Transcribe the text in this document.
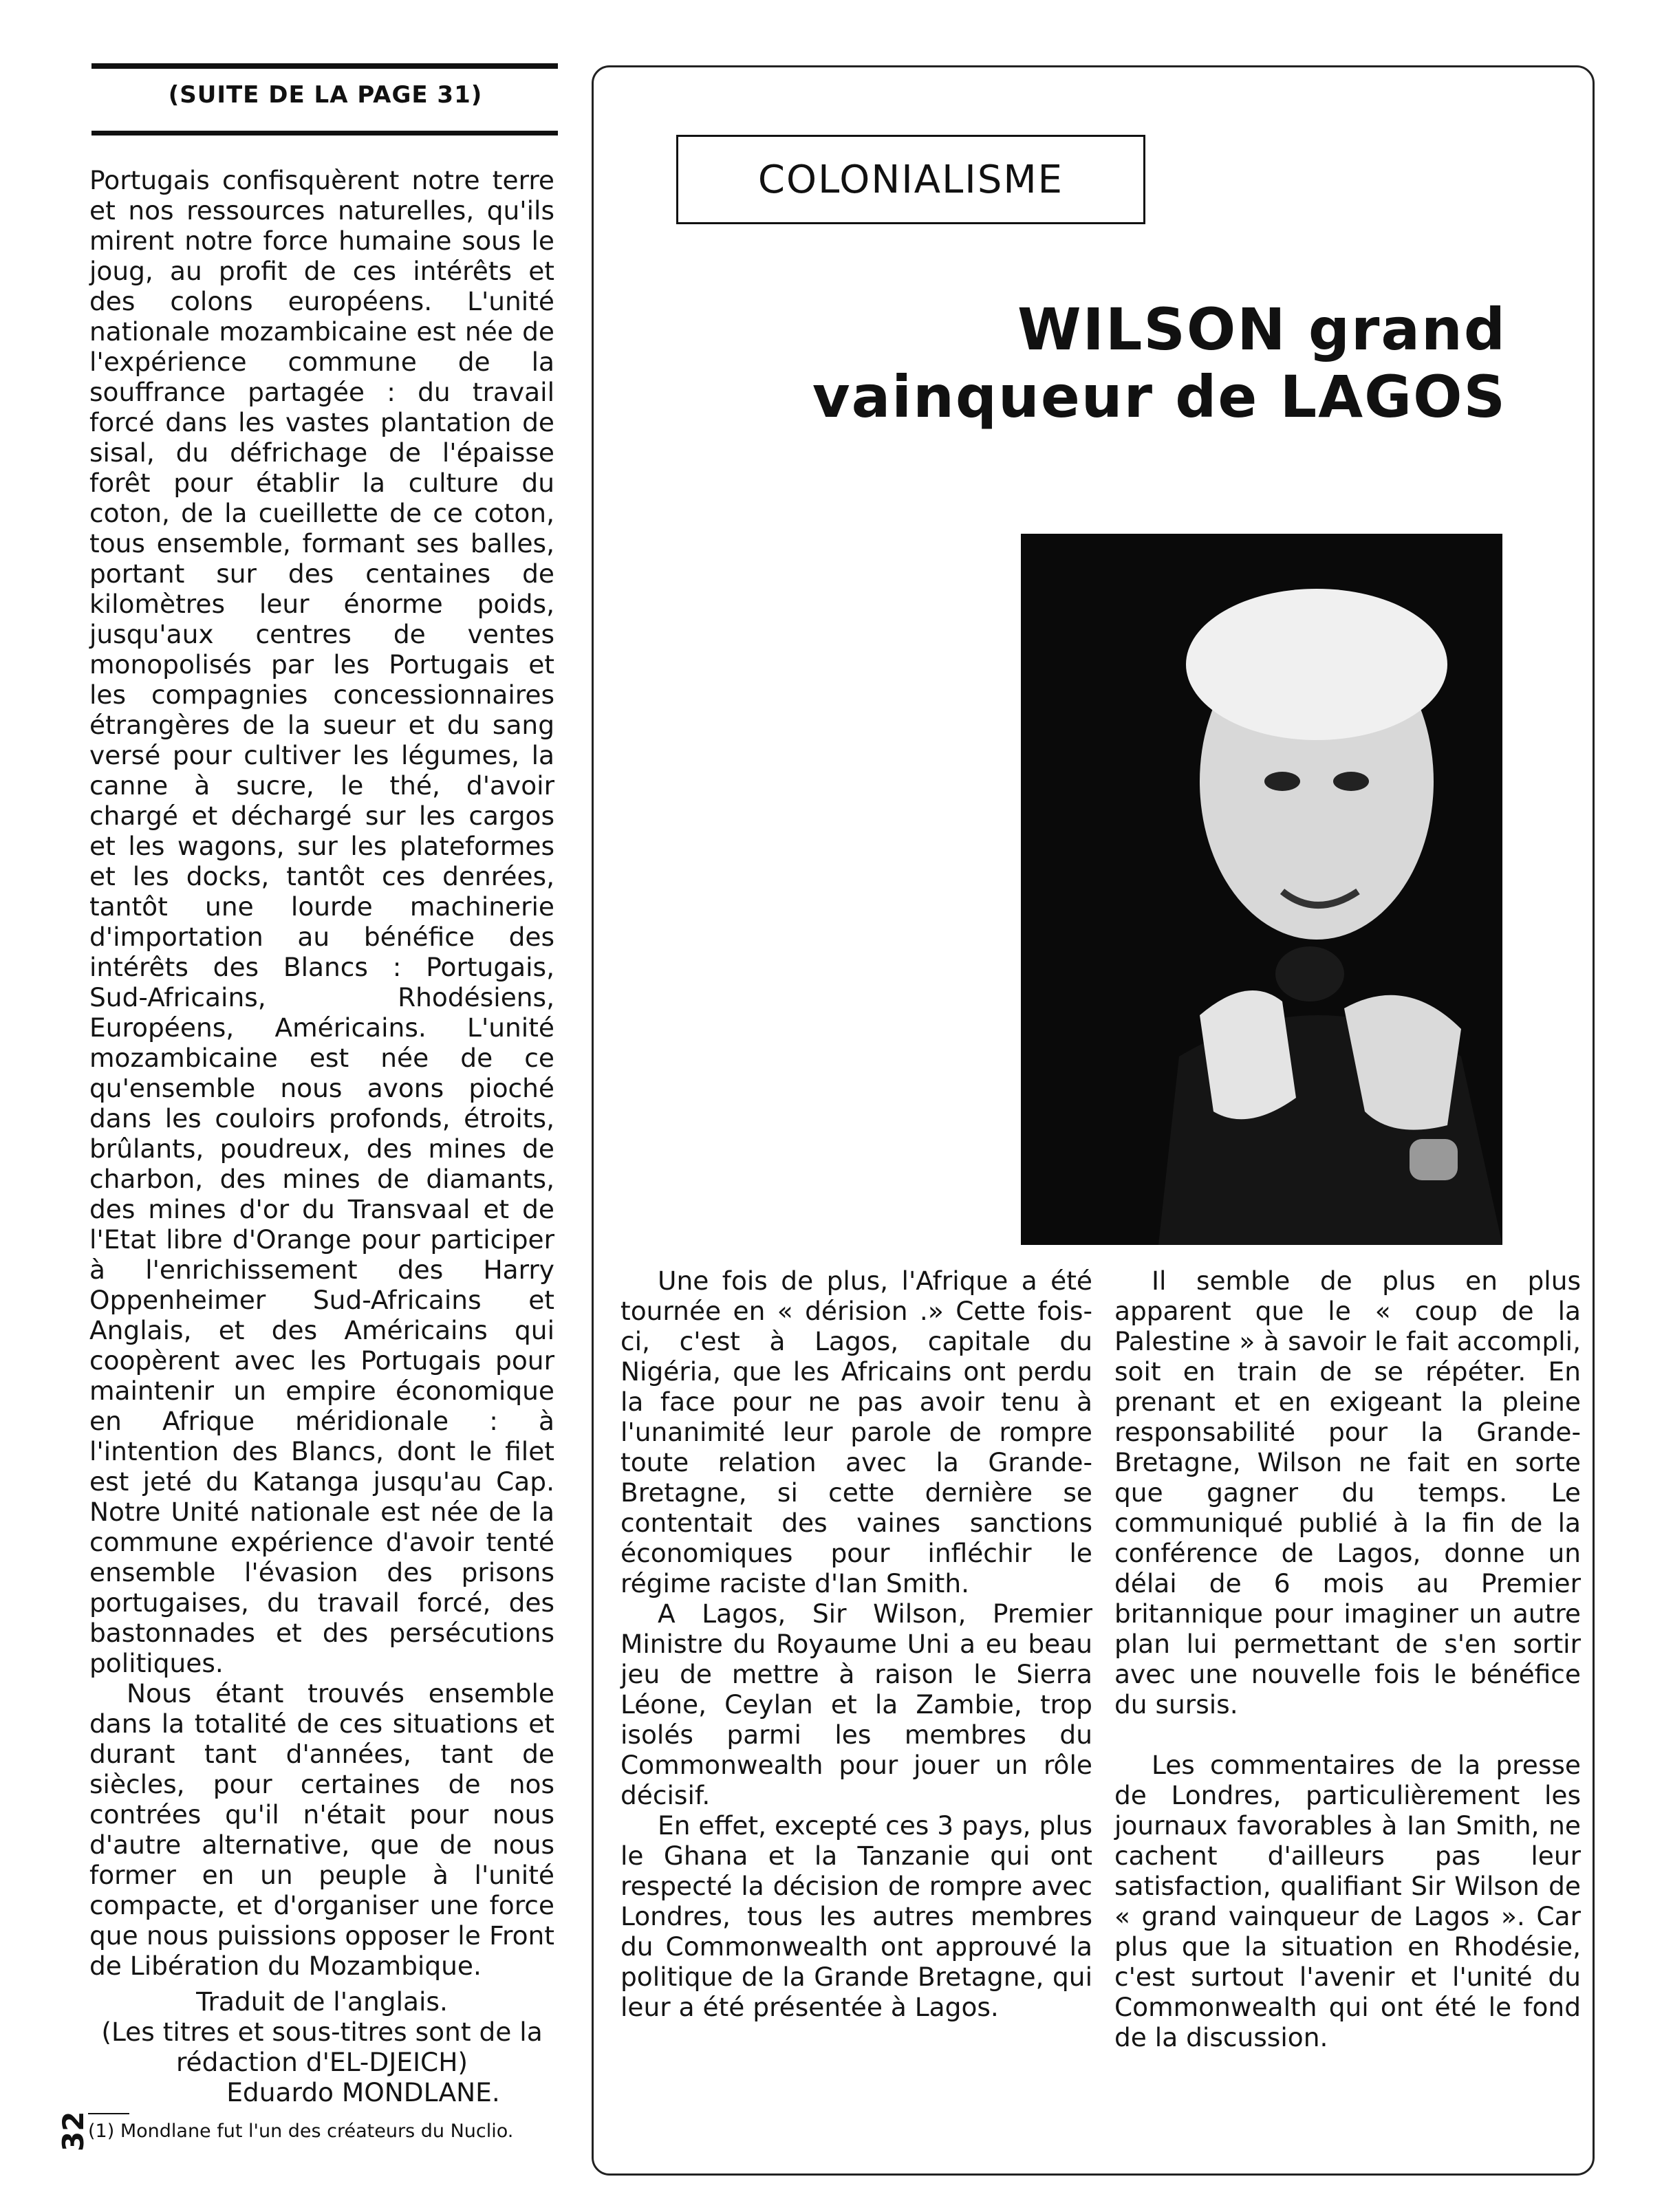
(SUITE DE LA PAGE 31)

Portugais confisquèrent notre terre et nos ressources naturelles, qu'ils mirent notre force humaine sous le joug, au profit de ces intérêts et des colons européens. L'unité nationale mozambicaine est née de l'expérience commune de la souffrance partagée : du travail forcé dans les vastes plantation de sisal, du défrichage de l'épaisse forêt pour établir la culture du coton, de la cueillette de ce coton, tous ensemble, formant ses balles, portant sur des centaines de kilomètres leur énorme poids, jusqu'aux centres de ventes monopolisés par les Portugais et les compagnies concessionnaires étrangères de la sueur et du sang versé pour cultiver les légumes, la canne à sucre, le thé, d'avoir chargé et déchargé sur les cargos et les wagons, sur les plateformes et les docks, tantôt ces denrées, tantôt une lourde machinerie d'importation au bénéfice des intérêts des Blancs : Portugais, Sud-Africains, Rhodésiens, Européens, Américains. L'unité mozambicaine est née de ce qu'ensemble nous avons pioché dans les couloirs profonds, étroits, brûlants, poudreux, des mines de charbon, des mines de diamants, des mines d'or du Transvaal et de l'Etat libre d'Orange pour participer à l'enrichissement des Harry Oppenheimer Sud-Africains et Anglais, et des Américains qui coopèrent avec les Portugais pour maintenir un empire économique en Afrique méridionale : à l'intention des Blancs, dont le filet est jeté du Katanga jusqu'au Cap. Notre Unité nationale est née de la commune expérience d'avoir tenté ensemble l'évasion des prisons portugaises, du travail forcé, des bastonnades et des persécutions politiques.

Nous étant trouvés ensemble dans la totalité de ces situations et durant tant d'années, tant de siècles, pour certaines de nos contrées qu'il n'était pour nous d'autre alternative, que de nous former en un peuple à l'unité compacte, et d'organiser une force que nous puissions opposer le Front de Libération du Mozambique.

Traduit de l'anglais.

(Les titres et sous-titres sont de la rédaction d'EL-DJEICH)

Eduardo MONDLANE.

(1) Mondlane fut l'un des créateurs du Nuclio.
32
COLONIALISME
WILSON grand
vainqueur de LAGOS

Une fois de plus, l'Afrique a été tournée en « dérision .» Cette fois-ci, c'est à Lagos, capitale du Nigéria, que les Africains ont perdu la face pour ne pas avoir tenu à l'unanimité leur parole de rompre toute relation avec la Grande-Bretagne, si cette dernière se contentait des vaines sanctions économiques pour infléchir le régime raciste d'Ian Smith.

A Lagos, Sir Wilson, Premier Ministre du Royaume Uni a eu beau jeu de mettre à raison le Sierra Léone, Ceylan et la Zambie, trop isolés parmi les membres du Commonwealth pour jouer un rôle décisif.

En effet, excepté ces 3 pays, plus le Ghana et la Tanzanie qui ont respecté la décision de rompre avec Londres, tous les autres membres du Commonwealth ont approuvé la politique de la Grande Bretagne, qui leur a été présentée à Lagos.

Il semble de plus en plus apparent que le « coup de la Palestine » à savoir le fait accompli, soit en train de se répéter. En prenant et en exigeant la pleine responsabilité pour la Grande-Bretagne, Wilson ne fait en sorte que gagner du temps. Le communiqué publié à la fin de la conférence de Lagos, donne un délai de 6 mois au Premier britannique pour imaginer un autre plan lui permettant de s'en sortir avec une nouvelle fois le bénéfice du sursis.

Les commentaires de la presse de Londres, particulièrement les journaux favorables à Ian Smith, ne cachent d'ailleurs pas leur satisfaction, qualifiant Sir Wilson de « grand vainqueur de Lagos ». Car plus que la situation en Rhodésie, c'est surtout l'avenir et l'unité du Commonwealth qui ont été le fond de la discussion.
